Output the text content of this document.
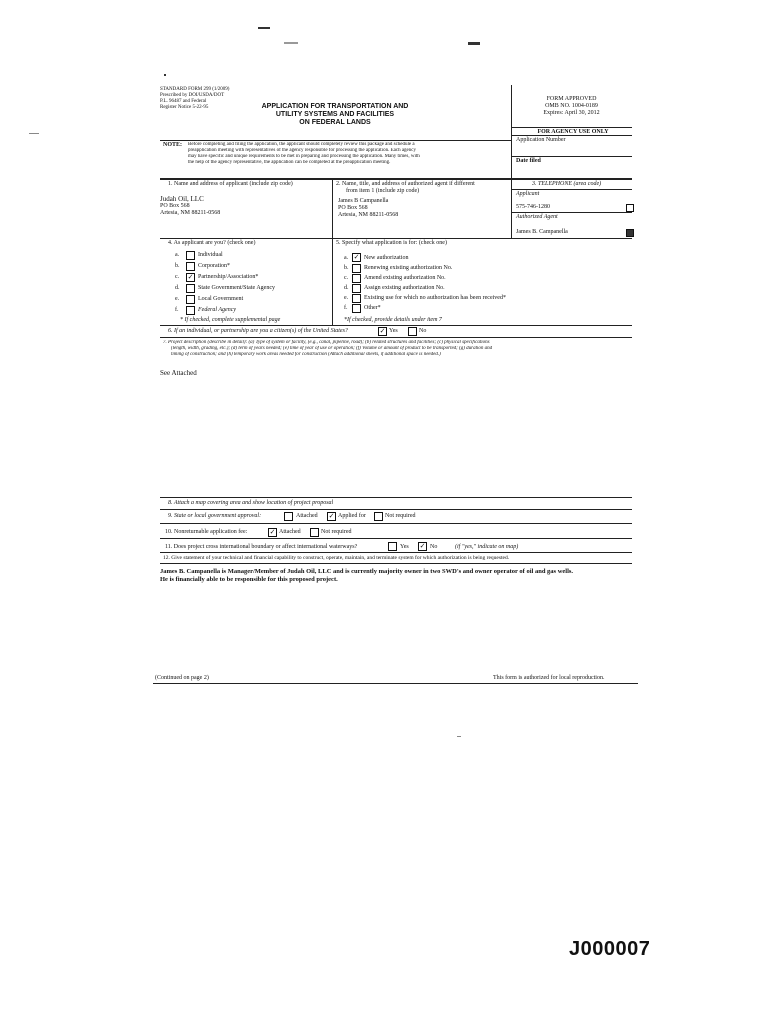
STANDARD FORM 299 (1/2009)
Prescribed by DOI/USDA/DOT
P.L. 96487 and Federal
Register Notice 5-22-95	APPLICATION FOR TRANSPORTATION AND
UTILITY SYSTEMS AND FACILITIES
ON FEDERAL LANDS
FORM APPROVED
OMB NO. 1004-0189
Expires: April 30, 2012
FOR AGENCY USE ONLY
Application Number
Date filed
NOTE: Before completing and filing the application, the applicant should completely review this package and schedule a
preapplication meeting with representatives of the agency responsible for processing the application. Each agency
may have specific and unique requirements to be met in preparing and processing the application. Many times, with
the help of the agency representative, the application can be completed at the preapplication meeting.
1. Name and address of applicant (include zip code)
Judah Oil, LLC
PO Box 568
Artesia, NM 88211-0568
2. Name, title, and address of authorized agent if different
from item 1 (include zip code)
James B Campanella
PO Box 568
Artesia, NM 88211-0568
3. TELEPHONE (area code)
Applicant
575-746-1280
Authorized Agent
James B. Campanella
4. As applicant are you? (check one)
a.	Individual
b.	Corporation*
c. ✓ Partnership/Association*
d.	State Government/State Agency
e.	Local Government
f.	Federal Agency
* If checked, complete supplemental page
5. Specify what application is for: (check one)
a. ✓ New authorization
b.	Renewing existing authorization No.
c.	Amend existing authorization No.
d.	Assign existing authorization No.
e.	Existing use for which no authorization has been received*
f.	Other*
*If checked, provide details under item 7
6. If an individual, or partnership are you a citizen(s) of the United States?	✓ Yes	No
7. Project description (describe in detail): (a) Type of system or facility, (e.g., canal, pipeline, road); (b) related structures and facilities; (c) physical specifications
(length, width, grading, etc.); (d) term of years needed; (e) time of year of use or operation; (f) Volume or amount of product to be transported; (g) duration and
timing of construction; and (h) temporary work areas needed for construction (Attach additional sheets, if additional space is needed.)
See Attached
8. Attach a map covering area and show location of project proposal
9. State or local government approval:	Attached ✓ Applied for	Not required
10. Nonreturnable application fee:	✓ Attached	Not required
11. Does project cross international boundary or affect international waterways?	Yes ✓ No	(if "yes," indicate on map)
12. Give statement of your technical and financial capability to construct, operate, maintain, and terminate system for which authorization is being requested.
James B. Campanella is Manager/Member of Judah Oil, LLC and is currently majority owner in two SWD's and owner operator of oil and gas wells.
He is financially able to be responsible for this proposed project.
(Continued on page 2)	This form is authorized for local reproduction.
J000007
